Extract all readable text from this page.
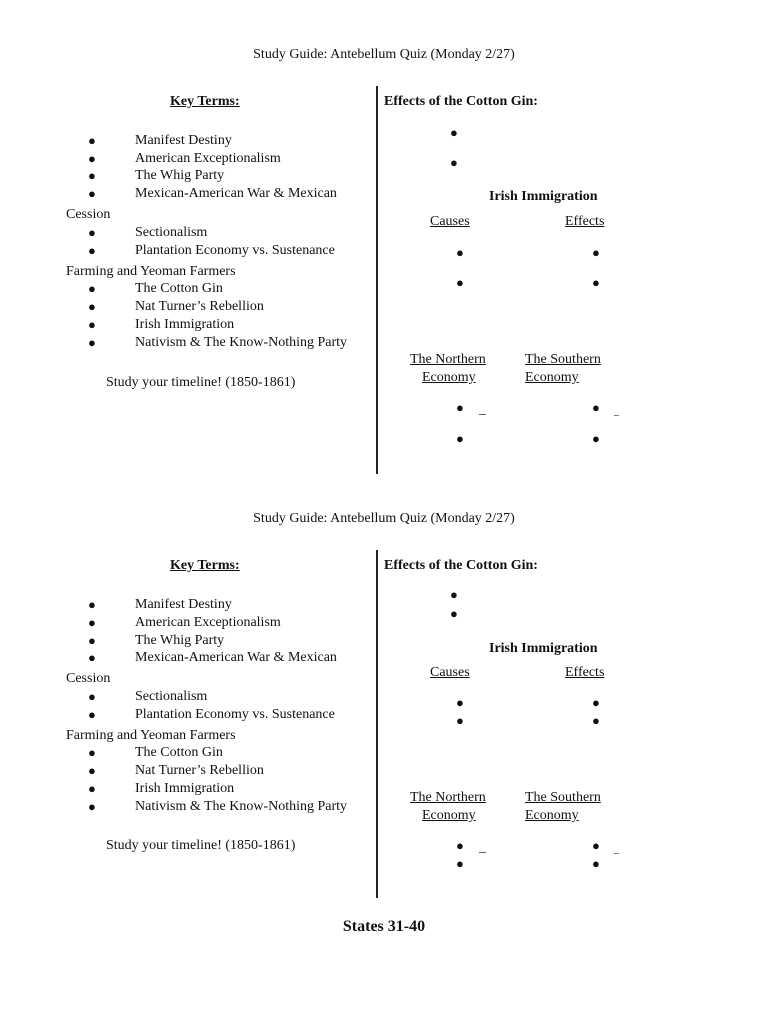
Study Guide: Antebellum Quiz (Monday 2/27)
Key Terms:
●	Manifest Destiny
●	American Exceptionalism
●	The Whig Party
●	Mexican-American War & Mexican
Cession
●	Sectionalism
●	Plantation Economy vs. Sustenance
Farming and Yeoman Farmers
●	The Cotton Gin
●	Nat Turner’s Rebellion
●	Irish Immigration
●	Nativism & The Know-Nothing Party
Study your timeline! (1850-1861)
Effects of the Cotton Gin:
●
●
Irish Immigration
Causes	Effects
●	●
●	●
The Northern
Economy
The Southern
Economy
● _	● _
●	●
Study Guide: Antebellum Quiz (Monday 2/27)
Key Terms:
●	Manifest Destiny
●	American Exceptionalism
●	The Whig Party
●	Mexican-American War & Mexican
Cession
●	Sectionalism
●	Plantation Economy vs. Sustenance
Farming and Yeoman Farmers
●	The Cotton Gin
●	Nat Turner’s Rebellion
●	Irish Immigration
●	Nativism & The Know-Nothing Party
Study your timeline! (1850-1861)
Effects of the Cotton Gin:
●
●
Irish Immigration
Causes	Effects
●	●
●	●
The Northern
Economy
The Southern
Economy
● _	● _
●	●
States 31-40
